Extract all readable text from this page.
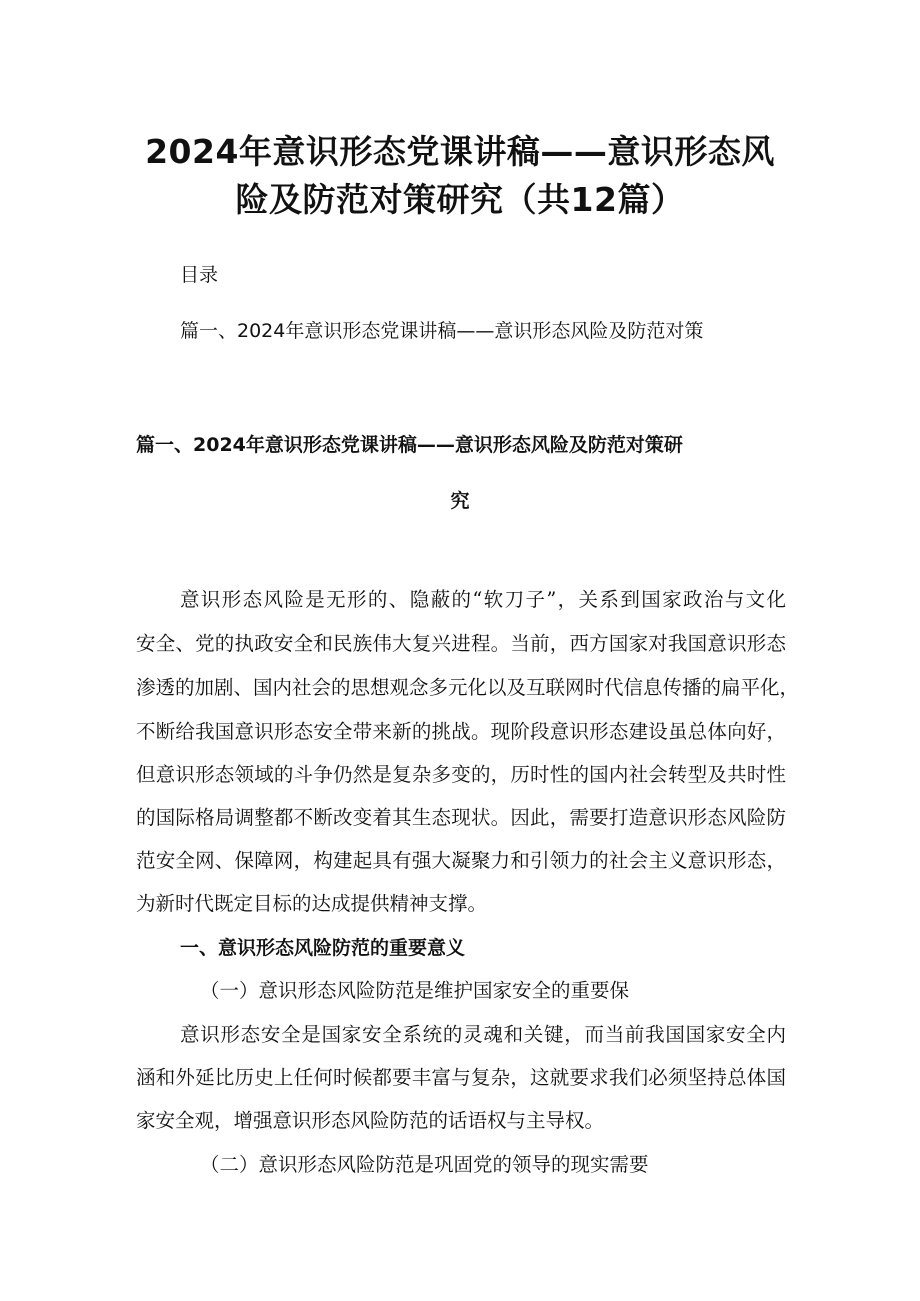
2024年意识形态党课讲稿——意识形态风
险及防范对策研究（共12篇）
目录
篇一、2024年意识形态党课讲稿——意识形态风险及防范对策
篇一、2024年意识形态党课讲稿——意识形态风险及防范对策研
究
意识形态风险是无形的、隐蔽的“软刀子”，关系到国家政治与文化
安全、党的执政安全和民族伟大复兴进程。当前，西方国家对我国意识形态
渗透的加剧、国内社会的思想观念多元化以及互联网时代信息传播的扁平化，
不断给我国意识形态安全带来新的挑战。现阶段意识形态建设虽总体向好，
但意识形态领域的斗争仍然是复杂多变的，历时性的国内社会转型及共时性
的国际格局调整都不断改变着其生态现状。因此，需要打造意识形态风险防
范安全网、保障网，构建起具有强大凝聚力和引领力的社会主义意识形态，
为新时代既定目标的达成提供精神支撑。
一、意识形态风险防范的重要意义
（一）意识形态风险防范是维护国家安全的重要保
意识形态安全是国家安全系统的灵魂和关键，而当前我国国家安全内
涵和外延比历史上任何时候都要丰富与复杂，这就要求我们必须坚持总体国
家安全观，增强意识形态风险防范的话语权与主导权。
（二）意识形态风险防范是巩固党的领导的现实需要
